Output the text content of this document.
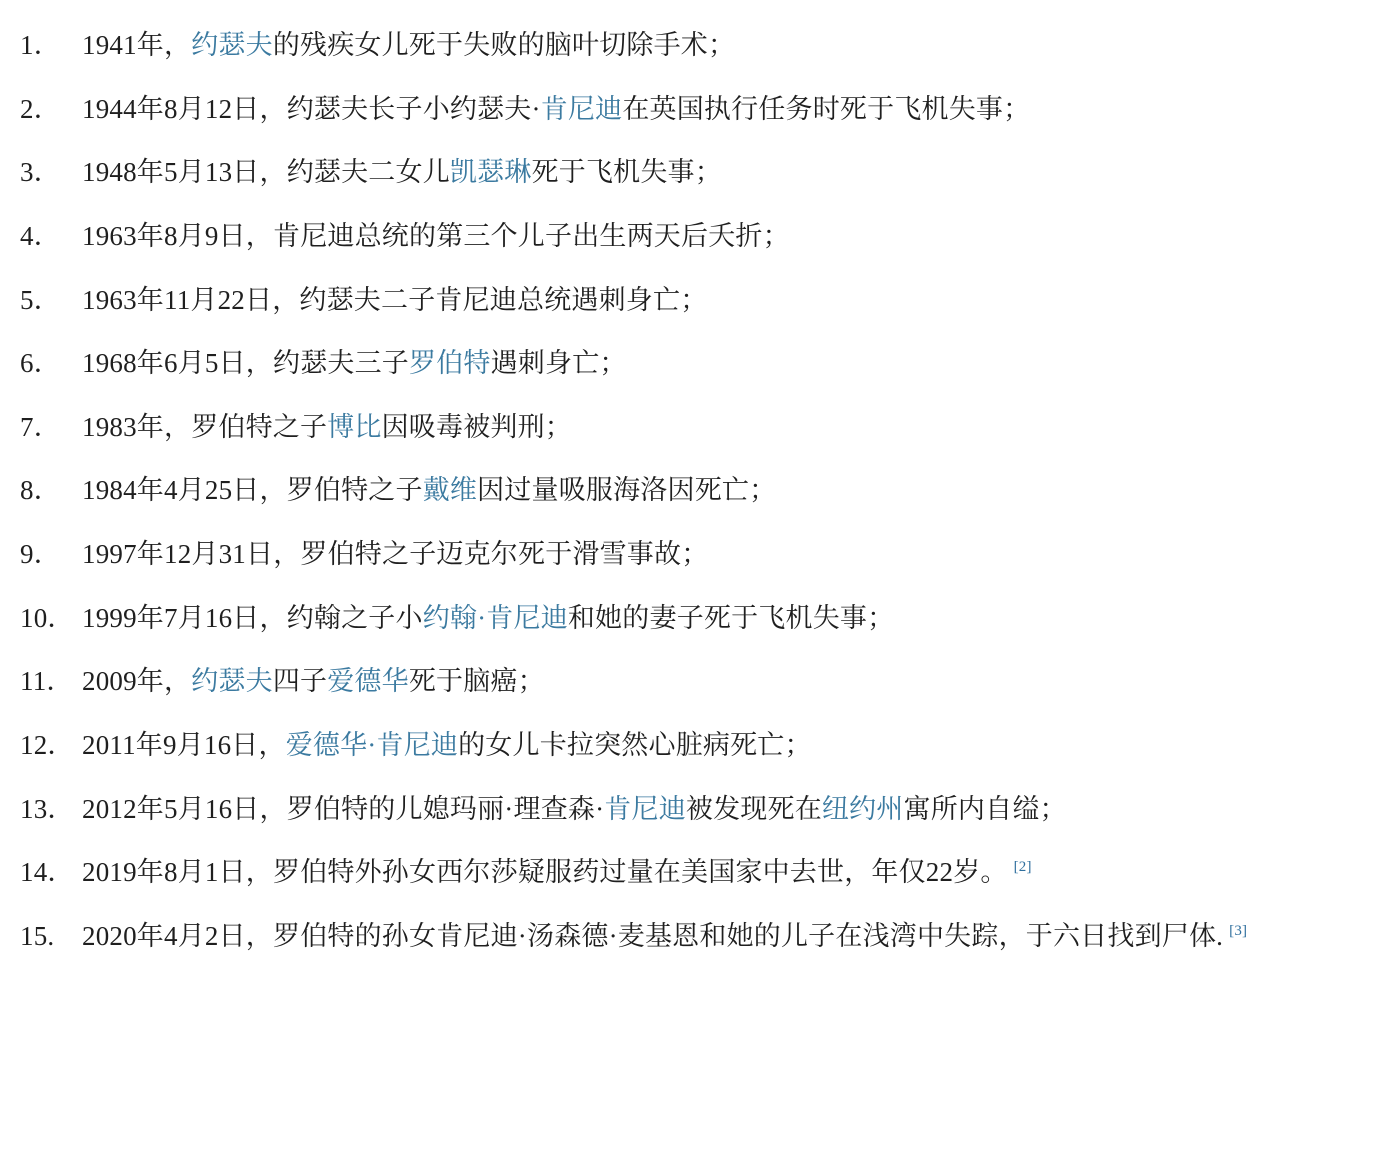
1． 1941年，约瑟夫的残疾女儿死于失败的脑叶切除手术；
2． 1944年8月12日，约瑟夫长子小约瑟夫·肯尼迪在英国执行任务时死于飞机失事；
3． 1948年5月13日，约瑟夫二女儿凯瑟琳死于飞机失事；
4． 1963年8月9日，肯尼迪总统的第三个儿子出生两天后夭折；
5． 1963年11月22日，约瑟夫二子肯尼迪总统遇刺身亡；
6． 1968年6月5日，约瑟夫三子罗伯特遇刺身亡；
7． 1983年，罗伯特之子博比因吸毒被判刑；
8． 1984年4月25日，罗伯特之子戴维因过量吸服海洛因死亡；
9． 1997年12月31日，罗伯特之子迈克尔死于滑雪事故；
10． 1999年7月16日，约翰之子小约翰·肯尼迪和她的妻子死于飞机失事；
11． 2009年，约瑟夫四子爱德华死于脑癌；
12． 2011年9月16日，爱德华·肯尼迪的女儿卡拉突然心脏病死亡；
13． 2012年5月16日，罗伯特的儿媳玛丽·理查森·肯尼迪被发现死在纽约州寓所内自缢；
14． 2019年8月1日，罗伯特外孙女西尔莎疑服药过量在美国家中去世，年仅22岁。 [2]
15. 2020年4月2日，罗伯特的孙女肯尼迪·汤森德·麦基恩和她的儿子在浅湾中失踪，于六日找到尸体. [3]
